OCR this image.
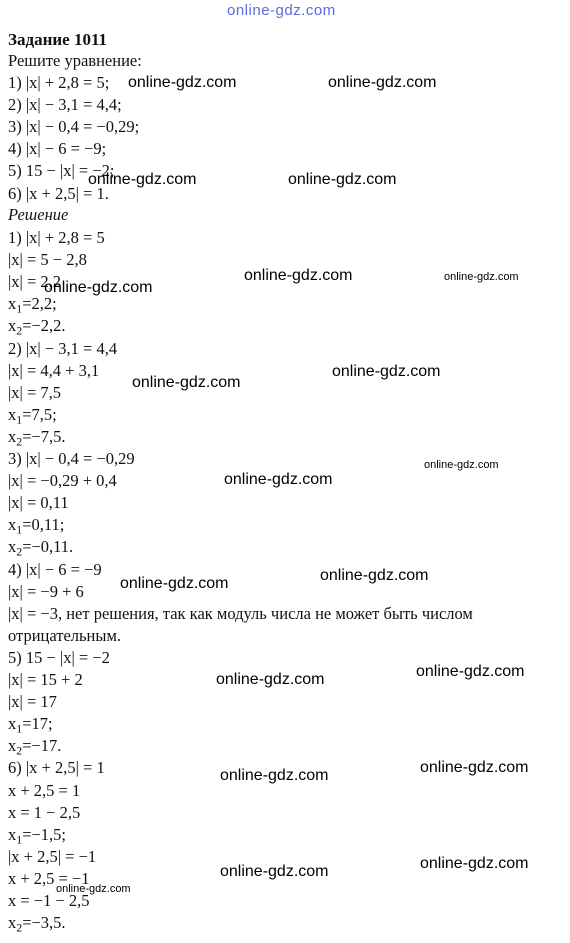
online-gdz.com
Задание 1011
Решите уравнение:
1) |x| + 2,8 = 5;
2) |x| − 3,1 = 4,4;
3) |x| − 0,4 = −0,29;
4) |x| − 6 = −9;
5) 15 − |x| = −2;
6) |x + 2,5| = 1.
Решение
1) |x| + 2,8 = 5
|x| = 5 − 2,8
|x| = 2,2
$x_1=2,2$;
$x_2=-2,2$.
2) |x| − 3,1 = 4,4
|x| = 4,4 + 3,1
|x| = 7,5
$x_1=7,5$;
$x_2=-7,5$.
3) |x| − 0,4 = −0,29
|x| = −0,29 + 0,4
|x| = 0,11
$x_1=0,11$;
$x_2=-0,11$.
4) |x| − 6 = −9
|x| = −9 + 6
|x| = −3, нет решения, так как модуль числа не может быть числом
отрицательным.
5) 15 − |x| = −2
|x| = 15 + 2
|x| = 17
$x_1=17$;
$x_2=-17$.
6) |x + 2,5| = 1
x + 2,5 = 1
x = 1 − 2,5
$x_1=-1,5$;
|x + 2,5| = −1
x + 2,5 = −1
x = −1 − 2,5
$x_2=-3,5$.
online-gdz.com	online-gdz.com
online-gdz.com	online-gdz.com
online-gdz.com	online-gdz.com
online-gdz.com
online-gdz.com
online-gdz.com
online-gdz.com
online-gdz.com
online-gdz.com	online-gdz.com
online-gdz.com	online-gdz.com
online-gdz.com	online-gdz.com
online-gdz.com	online-gdz.com
online-gdz.com
